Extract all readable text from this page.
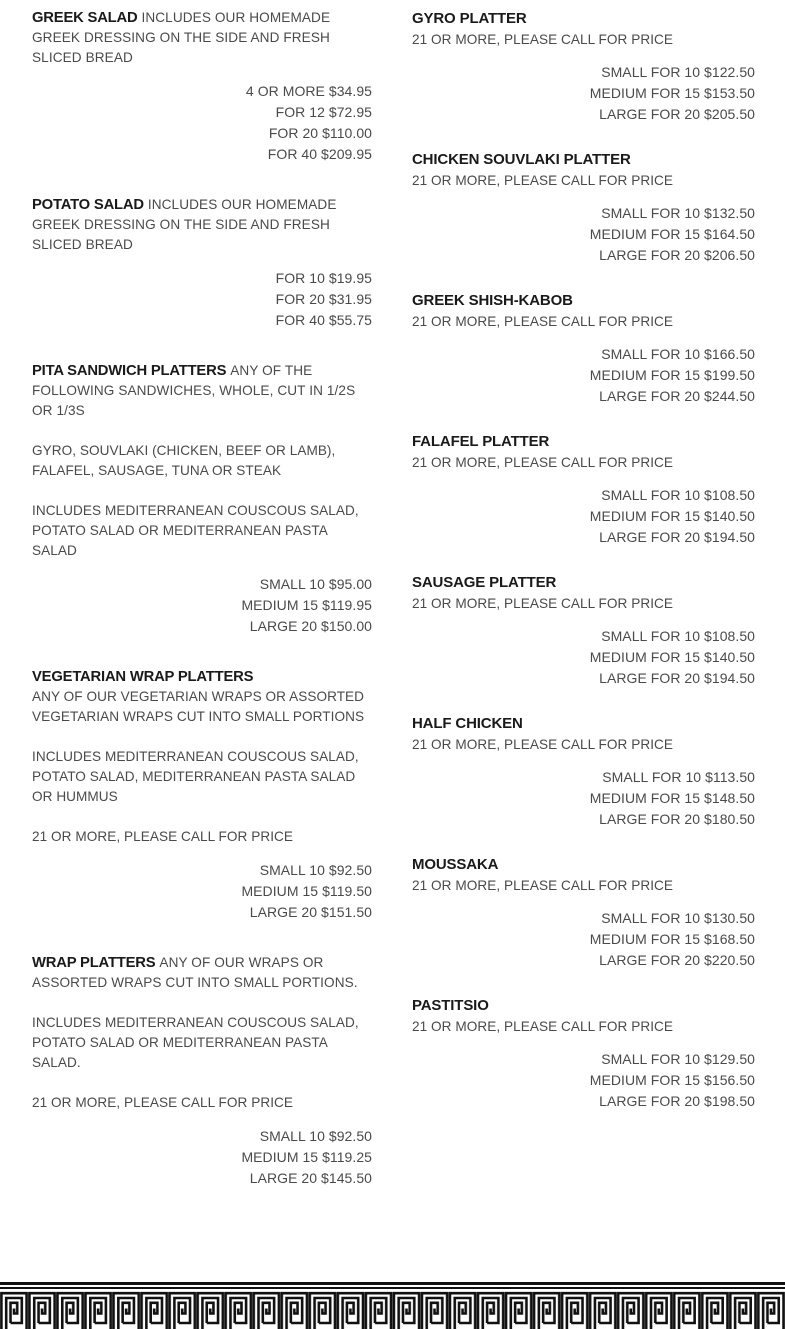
GREEK SALAD INCLUDES OUR HOMEMADE GREEK DRESSING ON THE SIDE AND FRESH SLICED BREAD

4 OR MORE $34.95
FOR 12 $72.95
FOR 20 $110.00
FOR 40 $209.95

POTATO SALAD INCLUDES OUR HOMEMADE GREEK DRESSING ON THE SIDE AND FRESH SLICED BREAD

FOR 10 $19.95
FOR 20 $31.95
FOR 40 $55.75

PITA SANDWICH PLATTERS ANY OF THE FOLLOWING SANDWICHES, WHOLE, CUT IN 1/2S OR 1/3S

GYRO, SOUVLAKI (CHICKEN, BEEF OR LAMB), FALAFEL, SAUSAGE, TUNA OR STEAK

INCLUDES MEDITERRANEAN COUSCOUS SALAD, POTATO SALAD OR MEDITERRANEAN PASTA SALAD

SMALL 10 $95.00
MEDIUM 15 $119.95
LARGE 20 $150.00

VEGETARIAN WRAP PLATTERS

ANY OF OUR VEGETARIAN WRAPS OR ASSORTED VEGETARIAN WRAPS CUT INTO SMALL PORTIONS

INCLUDES MEDITERRANEAN COUSCOUS SALAD, POTATO SALAD, MEDITERRANEAN PASTA SALAD OR HUMMUS

21 OR MORE, PLEASE CALL FOR PRICE

SMALL 10 $92.50
MEDIUM 15 $119.50
LARGE 20 $151.50

WRAP PLATTERS ANY OF OUR WRAPS OR ASSORTED WRAPS CUT INTO SMALL PORTIONS.

INCLUDES MEDITERRANEAN COUSCOUS SALAD, POTATO SALAD OR MEDITERRANEAN PASTA SALAD.

21 OR MORE, PLEASE CALL FOR PRICE

SMALL 10 $92.50
MEDIUM 15 $119.25
LARGE 20 $145.50

GYRO PLATTER

21 OR MORE, PLEASE CALL FOR PRICE

SMALL FOR 10 $122.50
MEDIUM FOR 15 $153.50
LARGE FOR 20 $205.50

CHICKEN SOUVLAKI PLATTER

21 OR MORE, PLEASE CALL FOR PRICE

SMALL FOR 10 $132.50
MEDIUM FOR 15 $164.50
LARGE FOR 20 $206.50

GREEK SHISH-KABOB

21 OR MORE, PLEASE CALL FOR PRICE

SMALL FOR 10 $166.50
MEDIUM FOR 15 $199.50
LARGE FOR 20 $244.50

FALAFEL PLATTER

21 OR MORE, PLEASE CALL FOR PRICE

SMALL FOR 10 $108.50
MEDIUM FOR 15 $140.50
LARGE FOR 20 $194.50

SAUSAGE PLATTER

21 OR MORE, PLEASE CALL FOR PRICE

SMALL FOR 10 $108.50
MEDIUM FOR 15 $140.50
LARGE FOR 20 $194.50

HALF CHICKEN

21 OR MORE, PLEASE CALL FOR PRICE

SMALL FOR 10 $113.50
MEDIUM FOR 15 $148.50
LARGE FOR 20 $180.50

MOUSSAKA

21 OR MORE, PLEASE CALL FOR PRICE

SMALL FOR 10 $130.50
MEDIUM FOR 15 $168.50
LARGE FOR 20 $220.50

PASTITSIO

21 OR MORE, PLEASE CALL FOR PRICE

SMALL FOR 10 $129.50
MEDIUM FOR 15 $156.50
LARGE FOR 20 $198.50
